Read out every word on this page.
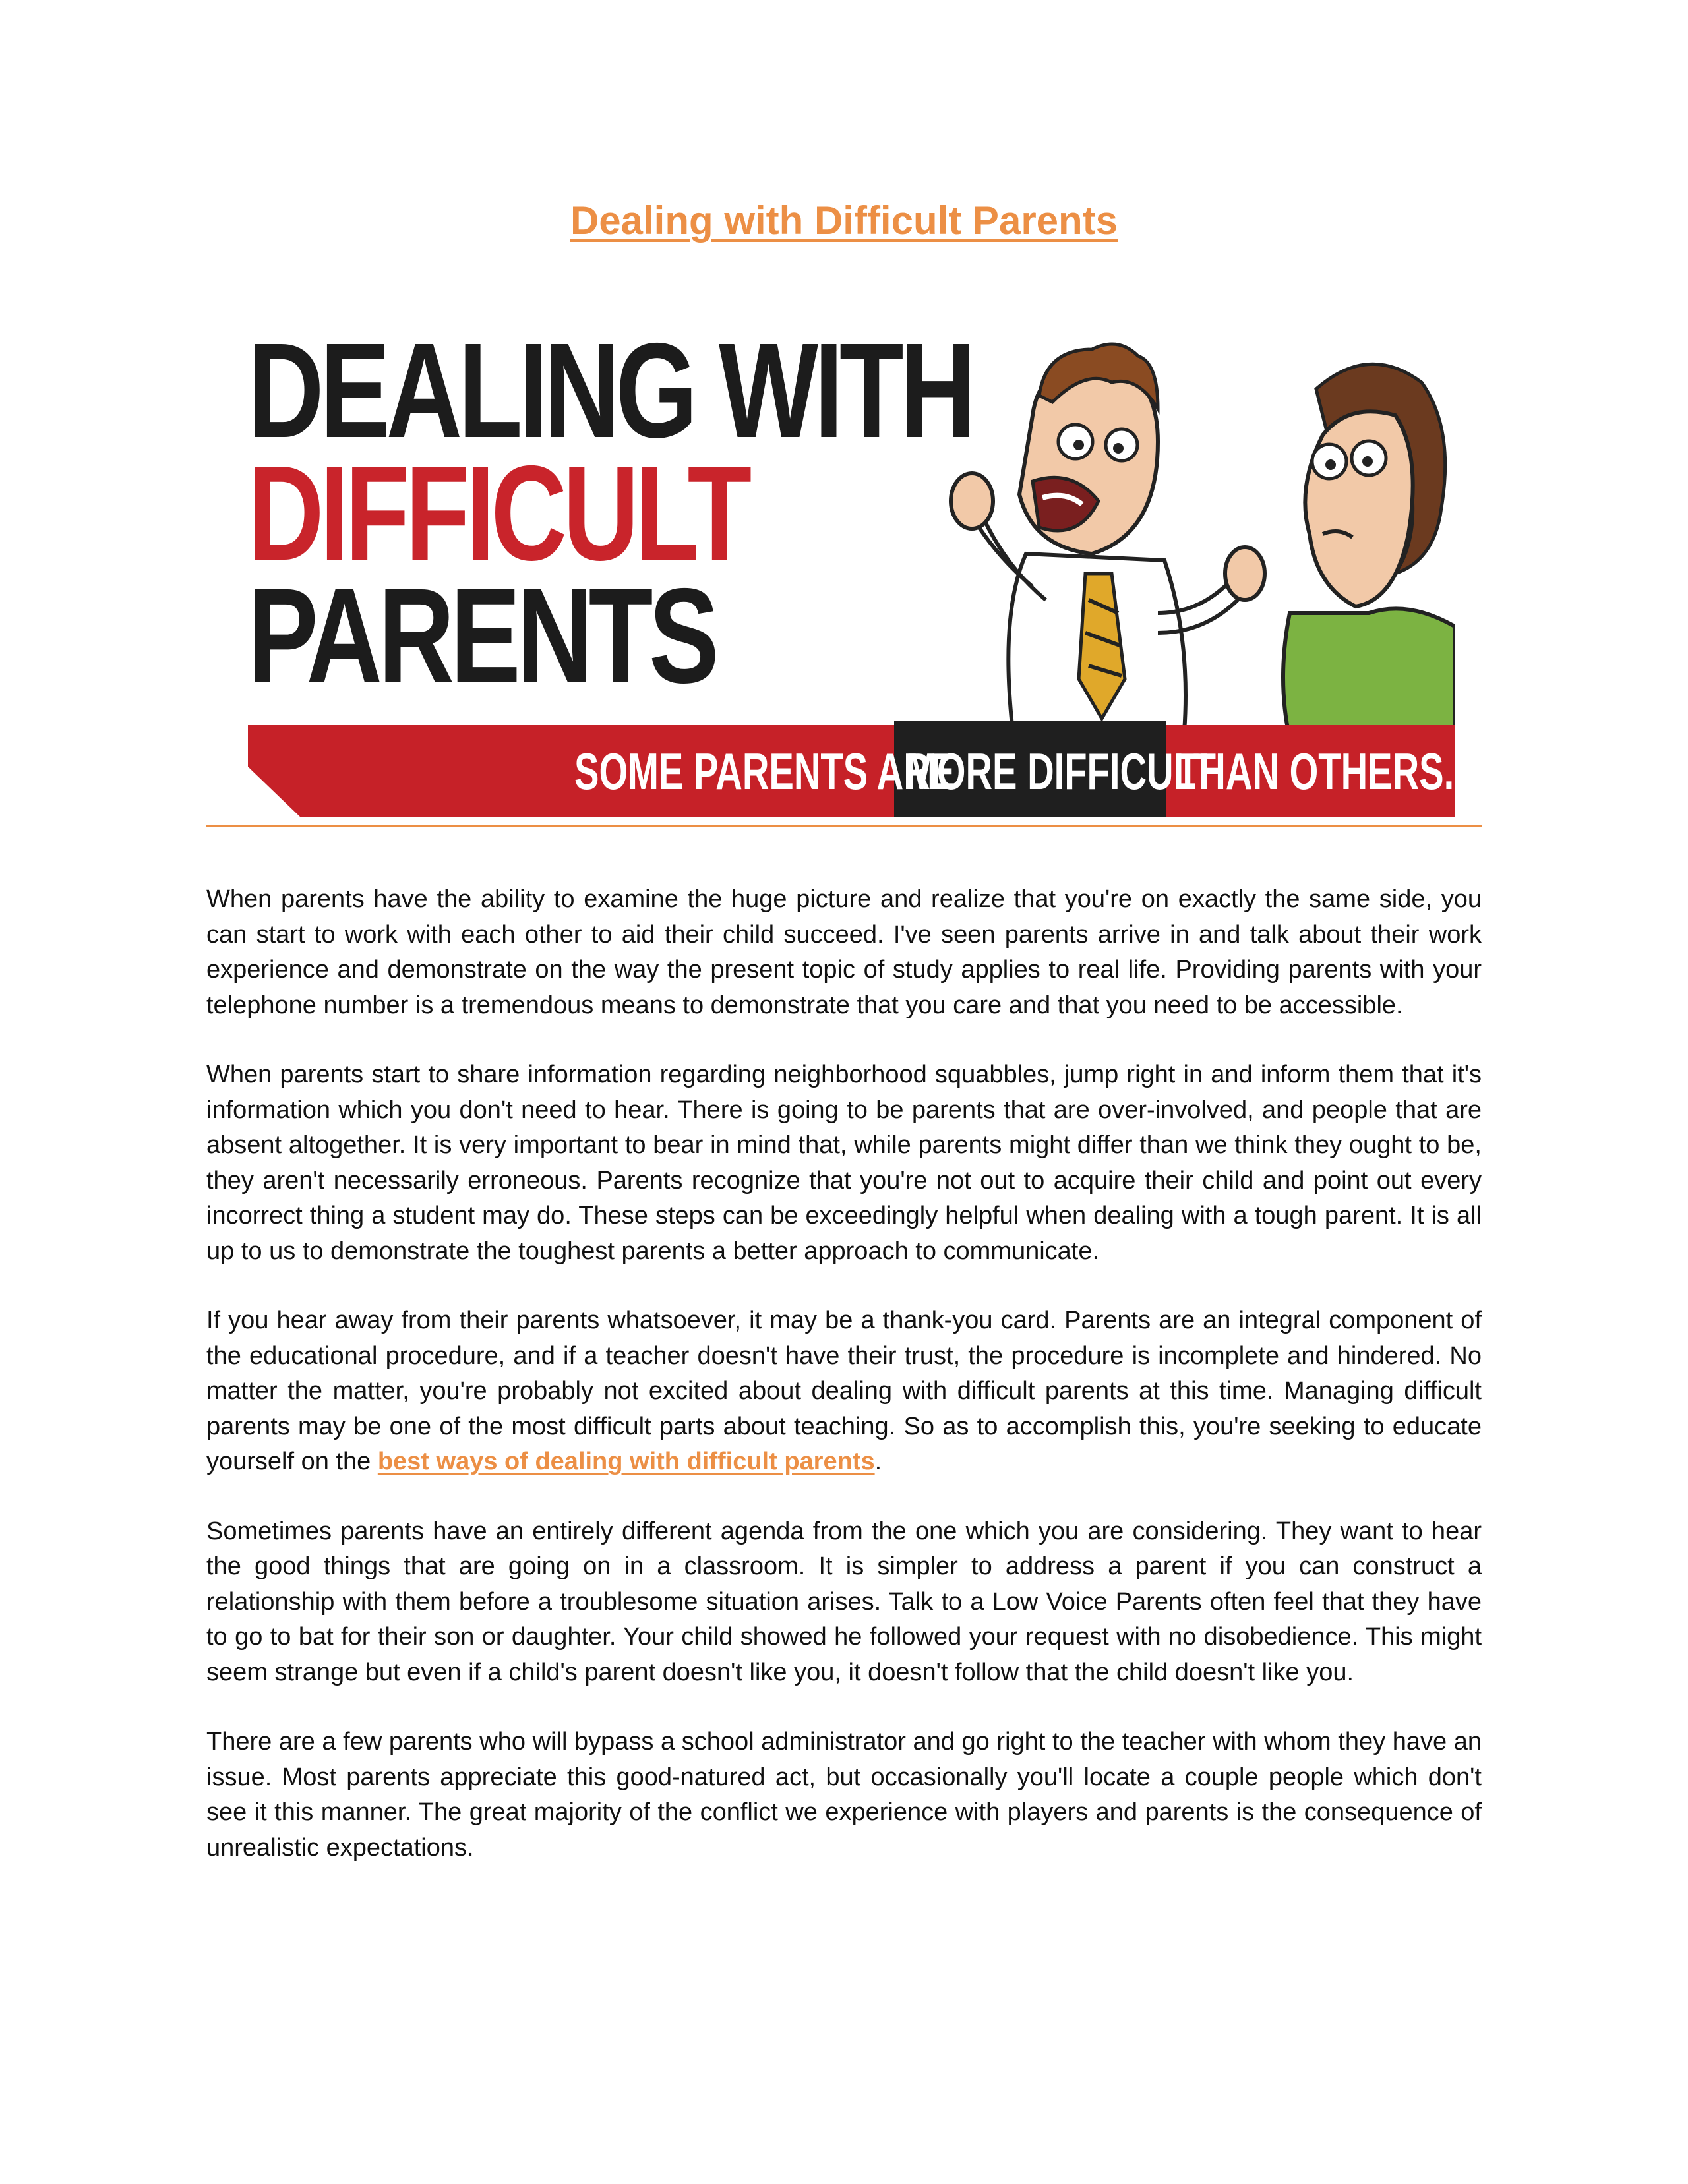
Dealing with Difficult Parents
DEALING WITH
DIFFICULT
PARENTS
SOME PARENTS ARE
MORE DIFFICULT
THAN OTHERS...

When parents have the ability to examine the huge picture and realize that you're on exactly the same side, you can start to work with each other to aid their child succeed. I've seen parents arrive in and talk about their work experience and demonstrate on the way the present topic of study applies to real life. Providing parents with your telephone number is a tremendous means to demonstrate that you care and that you need to be accessible.

When parents start to share information regarding neighborhood squabbles, jump right in and inform them that it's information which you don't need to hear. There is going to be parents that are over-involved, and people that are absent altogether. It is very important to bear in mind that, while parents might differ than we think they ought to be, they aren't necessarily erroneous. Parents recognize that you're not out to acquire their child and point out every incorrect thing a student may do. These steps can be exceedingly helpful when dealing with a tough parent. It is all up to us to demonstrate the toughest parents a better approach to communicate.

If you hear away from their parents whatsoever, it may be a thank-you card. Parents are an integral component of the educational procedure, and if a teacher doesn't have their trust, the procedure is incomplete and hindered. No matter the matter, you're probably not excited about dealing with difficult parents at this time. Managing difficult parents may be one of the most difficult parts about teaching. So as to accomplish this, you're seeking to educate yourself on the best ways of dealing with difficult parents.

Sometimes parents have an entirely different agenda from the one which you are considering. They want to hear the good things that are going on in a classroom. It is simpler to address a parent if you can construct a relationship with them before a troublesome situation arises. Talk to a Low Voice Parents often feel that they have to go to bat for their son or daughter. Your child showed he followed your request with no disobedience. This might seem strange but even if a child's parent doesn't like you, it doesn't follow that the child doesn't like you.

There are a few parents who will bypass a school administrator and go right to the teacher with whom they have an issue. Most parents appreciate this good-natured act, but occasionally you'll locate a couple people which don't see it this manner. The great majority of the conflict we experience with players and parents is the consequence of unrealistic expectations.
